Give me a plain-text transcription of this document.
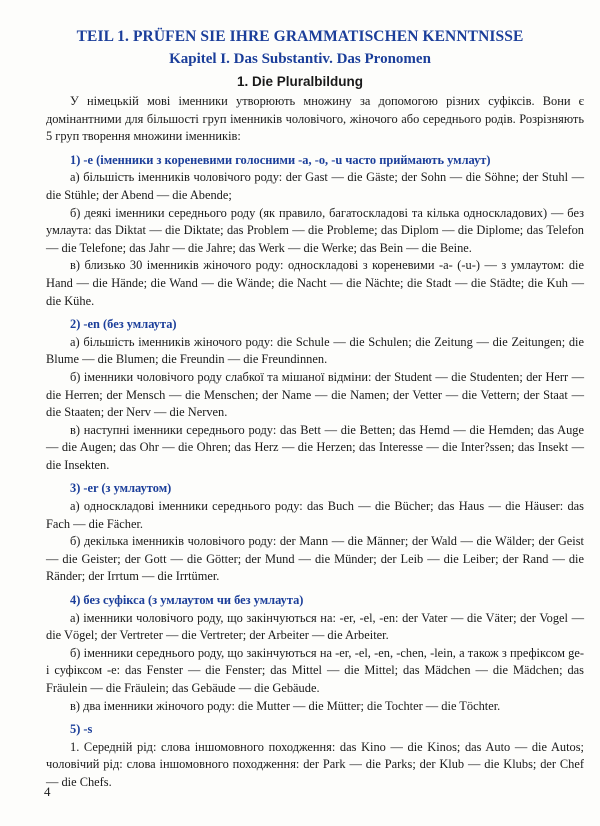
TEIL 1. PRÜFEN SIE IHRE GRAMMATISCHEN KENNTNISSE
Kapitel I. Das Substantiv. Das Pronomen
1. Die Pluralbildung

У німецькій мові іменники утворюють множину за допомогою різних суфіксів. Вони є домінантними для більшості груп іменників чоловічого, жіночого або середнього родів. Розрізняють 5 груп творення множини іменників:

1) -e (іменники з кореневими голосними -a, -o, -u часто приймають умлаут)

а) більшість іменників чоловічого роду: der Gast — die Gäste; der Sohn — die Söhne; der Stuhl — die Stühle; der Abend — die Abende;

б) деякі іменники середнього роду (як правило, багатоскладові та кілька односкладових) — без умлаута: das Diktat — die Diktate; das Problem — die Probleme; das Diplom — die Diplome; das Telefon — die Telefone; das Jahr — die Jahre; das Werk — die Werke; das Bein — die Beine.

в) близько 30 іменників жіночого роду: односкладові з кореневими -a- (-u-) — з умлаутом: die Hand — die Hände; die Wand — die Wände; die Nacht — die Nächte; die Stadt — die Städte; die Kuh — die Kühe.

2) -en (без умлаута)

а) більшість іменників жіночого роду: die Schule — die Schulen; die Zeitung — die Zeitungen; die Blume — die Blumen; die Freundin — die Freundinnen.

б) іменники чоловічого роду слабкої та мішаної відміни: der Student — die Studenten; der Herr — die Herren; der Mensch — die Menschen; der Name — die Namen; der Vetter — die Vettern; der Staat — die Staaten; der Nerv — die Nerven.

в) наступні іменники середнього роду: das Bett — die Betten; das Hemd — die Hemden; das Auge — die Augen; das Ohr — die Ohren; das Herz — die Herzen; das Interesse — die Inter?ssen; das Insekt — die Insekten.

3) -er (з умлаутом)

а) односкладові іменники середнього роду: das Buch — die Bücher; das Haus — die Häuser: das Fach — die Fächer.

б) декілька іменників чоловічого роду: der Mann — die Männer; der Wald — die Wälder; der Geist — die Geister; der Gott — die Götter; der Mund — die Münder; der Leib — die Leiber; der Rand — die Ränder; der Irrtum — die Irrtümer.

4) без суфікса (з умлаутом чи без умлаута)

а) іменники чоловічого роду, що закінчуються на: -er, -el, -en: der Vater — die Väter; der Vogel — die Vögel; der Vertreter — die Vertreter; der Arbeiter — die Arbeiter.

б) іменники середнього роду, що закінчуються на -er, -el, -en, -chen, -lein, а також з префіксом ge- і суфіксом -e: das Fenster — die Fenster; das Mittel — die Mittel; das Mädchen — die Mädchen; das Fräulein — die Fräulein; das Gebäude — die Gebäude.

в) два іменники жіночого роду: die Mutter — die Mütter; die Tochter — die Töchter.

5) -s

1. Середній рід: слова іншомовного походження: das Kino — die Kinos; das Auto — die Autos; чоловічий рід: слова іншомовного походження: der Park — die Parks; der Klub — die Klubs; der Chef — die Chefs.

4
